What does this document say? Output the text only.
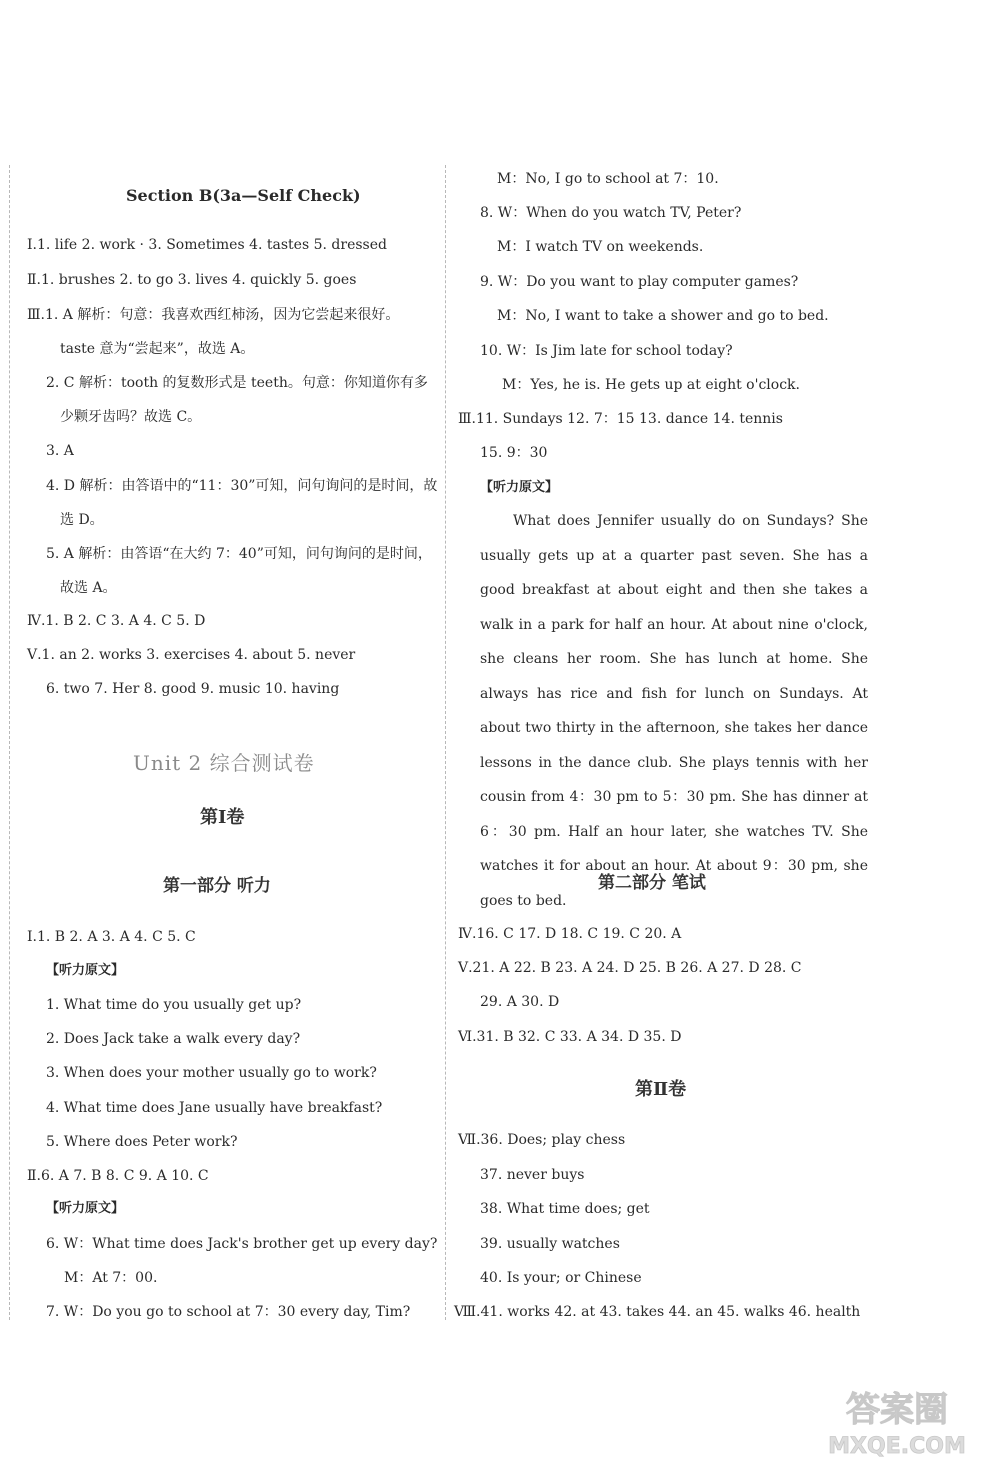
Section B(3a—Self Check)
Ⅰ.1. life 2. work · 3. Sometimes 4. tastes 5. dressed
Ⅱ.1. brushes 2. to go 3. lives 4. quickly 5. goes
Ⅲ.1. A 解析：句意：我喜欢西红柿汤，因为它尝起来很好。
taste 意为“尝起来”，故选 A。
2. C 解析：tooth 的复数形式是 teeth。句意：你知道你有多
少颗牙齿吗？故选 C。
3. A
4. D 解析：由答语中的“11：30”可知，问句询问的是时间，故
选 D。
5. A 解析：由答语“在大约 7：40”可知，问句询问的是时间，
故选 A。
Ⅳ.1. B 2. C 3. A 4. C 5. D
Ⅴ.1. an 2. works 3. exercises 4. about 5. never
6. two 7. Her 8. good 9. music 10. having
Unit 2 综合测试卷
第Ⅰ卷
第一部分 听力
Ⅰ.1. B 2. A 3. A 4. C 5. C
【听力原文】
1. What time do you usually get up?
2. Does Jack take a walk every day?
3. When does your mother usually go to work?
4. What time does Jane usually have breakfast?
5. Where does Peter work?
Ⅱ.6. A 7. B 8. C 9. A 10. C
【听力原文】
6. W：What time does Jack's brother get up every day?
M：At 7：00.
7. W：Do you go to school at 7：30 every day, Tim?
M：No, I go to school at 7：10.
8. W：When do you watch TV, Peter?
M：I watch TV on weekends.
9. W：Do you want to play computer games?
M：No, I want to take a shower and go to bed.
10. W：Is Jim late for school today?
M：Yes, he is. He gets up at eight o'clock.
Ⅲ.11. Sundays 12. 7：15 13. dance 14. tennis
15. 9：30
【听力原文】
What does Jennifer usually do on Sundays? She usually gets up at a quarter past seven. She has a good breakfast at about eight and then she takes a walk in a park for half an hour. At about nine o'clock, she cleans her room. She has lunch at home. She always has rice and fish for lunch on Sundays. At about two thirty in the afternoon, she takes her dance lessons in the dance club. She plays tennis with her cousin from 4：30 pm to 5：30 pm. She has dinner at 6：30 pm. Half an hour later, she watches TV. She watches it for about an hour. At about 9：30 pm, she goes to bed.
第二部分 笔试
Ⅳ.16. C 17. D 18. C 19. C 20. A
Ⅴ.21. A 22. B 23. A 24. D 25. B 26. A 27. D 28. C
29. A 30. D
Ⅵ.31. B 32. C 33. A 34. D 35. D
第Ⅱ卷
Ⅶ.36. Does; play chess
37. never buys
38. What time does; get
39. usually watches
40. Is your; or Chinese
Ⅷ.41. works 42. at 43. takes 44. an 45. walks 46. health
答案圈
MXQE.COM
